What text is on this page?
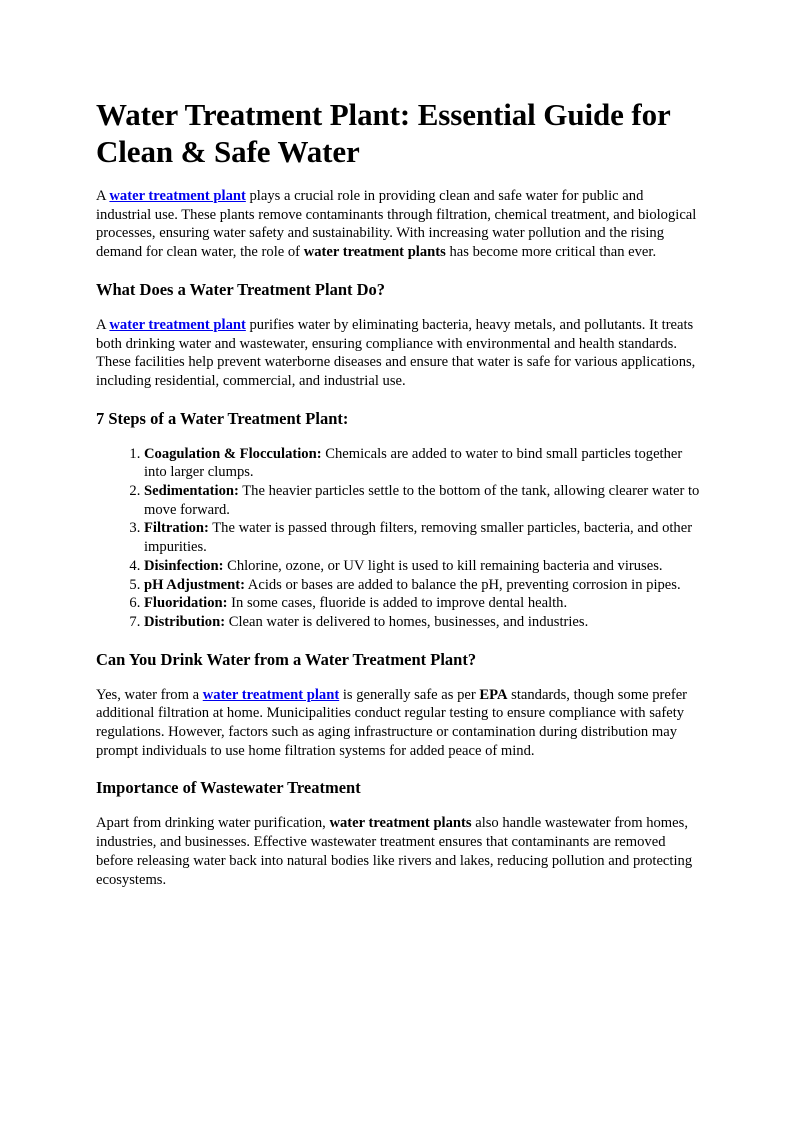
Water Treatment Plant: Essential Guide for Clean & Safe Water

A water treatment plant plays a crucial role in providing clean and safe water for public and industrial use. These plants remove contaminants through filtration, chemical treatment, and biological processes, ensuring water safety and sustainability. With increasing water pollution and the rising demand for clean water, the role of water treatment plants has become more critical than ever.

What Does a Water Treatment Plant Do?

A water treatment plant purifies water by eliminating bacteria, heavy metals, and pollutants. It treats both drinking water and wastewater, ensuring compliance with environmental and health standards. These facilities help prevent waterborne diseases and ensure that water is safe for various applications, including residential, commercial, and industrial use.

7 Steps of a Water Treatment Plant:
1. Coagulation & Flocculation: Chemicals are added to water to bind small particles together into larger clumps.
2. Sedimentation: The heavier particles settle to the bottom of the tank, allowing clearer water to move forward.
3. Filtration: The water is passed through filters, removing smaller particles, bacteria, and other impurities.
4. Disinfection: Chlorine, ozone, or UV light is used to kill remaining bacteria and viruses.
5. pH Adjustment: Acids or bases are added to balance the pH, preventing corrosion in pipes.
6. Fluoridation: In some cases, fluoride is added to improve dental health.
7. Distribution: Clean water is delivered to homes, businesses, and industries.
Can You Drink Water from a Water Treatment Plant?

Yes, water from a water treatment plant is generally safe as per EPA standards, though some prefer additional filtration at home. Municipalities conduct regular testing to ensure compliance with safety regulations. However, factors such as aging infrastructure or contamination during distribution may prompt individuals to use home filtration systems for added peace of mind.

Importance of Wastewater Treatment

Apart from drinking water purification, water treatment plants also handle wastewater from homes, industries, and businesses. Effective wastewater treatment ensures that contaminants are removed before releasing water back into natural bodies like rivers and lakes, reducing pollution and protecting ecosystems.
